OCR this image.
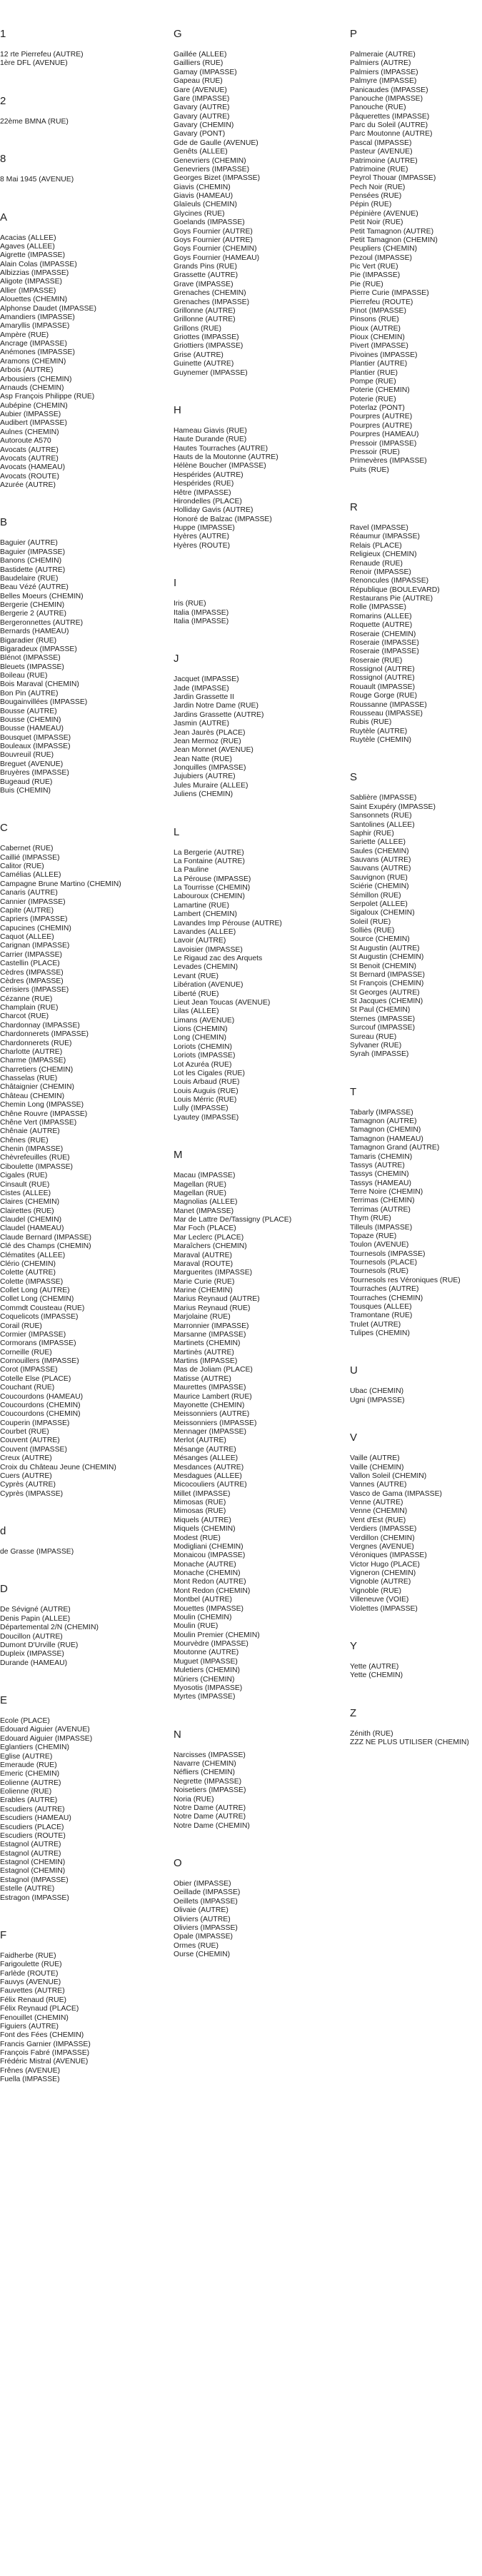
1
12 rte Pierrefeu (AUTRE)
1ère DFL (AVENUE)
2
22ème BMNA (RUE)
8
8 Mai 1945 (AVENUE)
A
Acacias (ALLEE)
Agaves (ALLEE)
Aigrette (IMPASSE)
Alain Colas (IMPASSE)
Albizzias (IMPASSE)
Aligote (IMPASSE)
Allier (IMPASSE)
Alouettes (CHEMIN)
Alphonse Daudet (IMPASSE)
Amandiers (IMPASSE)
Amaryllis (IMPASSE)
Ampère (RUE)
Ancrage (IMPASSE)
Anémones (IMPASSE)
Aramons (CHEMIN)
Arbois (AUTRE)
Arbousiers (CHEMIN)
Arnauds (CHEMIN)
Asp François Philippe (RUE)
Aubépine (CHEMIN)
Aubier (IMPASSE)
Audibert (IMPASSE)
Aulnes (CHEMIN)
Autoroute A570
Avocats (AUTRE)
Avocats (AUTRE)
Avocats (HAMEAU)
Avocats (ROUTE)
Azurée (AUTRE)
B
Baguier (AUTRE)
Baguier (IMPASSE)
Banons (CHEMIN)
Bastidette (AUTRE)
Baudelaire (RUE)
Beau Vézé (AUTRE)
Belles Moeurs (CHEMIN)
Bergerie (CHEMIN)
Bergerie 2 (AUTRE)
Bergeronnettes (AUTRE)
Bernards (HAMEAU)
Bigaradier (RUE)
Bigaradeux (IMPASSE)
Blénot (IMPASSE)
Bleuets (IMPASSE)
Boileau (RUE)
Bois Maraval (CHEMIN)
Bon Pin (AUTRE)
Bougainvillées (IMPASSE)
Bousse (AUTRE)
Bousse (CHEMIN)
Bousse (HAMEAU)
Bousquet (IMPASSE)
Bouleaux (IMPASSE)
Bouvreuil (RUE)
Breguet (AVENUE)
Bruyères (IMPASSE)
Bugeaud (RUE)
Buis (CHEMIN)
C
Cabernet (RUE)
Caillié (IMPASSE)
Calitor (RUE)
Camélias (ALLEE)
Campagne Brune Martino (CHEMIN)
Canaris (AUTRE)
Cannier (IMPASSE)
Capite (AUTRE)
Capriers (IMPASSE)
Capucines (CHEMIN)
Caquot (ALLEE)
Carignan (IMPASSE)
Carrier (IMPASSE)
Castellin (PLACE)
Cèdres (IMPASSE)
Cèdres (IMPASSE)
Cerisiers (IMPASSE)
Cézanne (RUE)
Champlain (RUE)
Charcot (RUE)
Chardonnay (IMPASSE)
Chardonnerets (IMPASSE)
Chardonnerets (RUE)
Charlotte (AUTRE)
Charme (IMPASSE)
Charretiers (CHEMIN)
Chasselas (RUE)
Châtaignier (CHEMIN)
Château (CHEMIN)
Chemin Long (IMPASSE)
Chêne Rouvre (IMPASSE)
Chêne Vert (IMPASSE)
Chênaie (AUTRE)
Chênes (RUE)
Chenin (IMPASSE)
Chèvrefeuilles (RUE)
Ciboulette (IMPASSE)
Cigales (RUE)
Cinsault (RUE)
Cistes (ALLEE)
Claires (CHEMIN)
Clairettes (RUE)
Claudel (CHEMIN)
Claudel (HAMEAU)
Claude Bernard (IMPASSE)
Clé des Champs (CHEMIN)
Clématites (ALLEE)
Clério (CHEMIN)
Colette (AUTRE)
Colette (IMPASSE)
Collet Long (AUTRE)
Collet Long (CHEMIN)
Commdt Cousteau (RUE)
Coquelicots (IMPASSE)
Corail (RUE)
Cormier (IMPASSE)
Cormorans (IMPASSE)
Corneille (RUE)
Cornouillers (IMPASSE)
Corot (IMPASSE)
Cotelle Else (PLACE)
Couchant (RUE)
Coucourdons (HAMEAU)
Coucourdons (CHEMIN)
Coucourdons (CHEMIN)
Couperin (IMPASSE)
Courbet (RUE)
Couvent (AUTRE)
Couvent (IMPASSE)
Creux (AUTRE)
Croix du Château Jeune (CHEMIN)
Cuers (AUTRE)
Cyprès (AUTRE)
Cyprès (IMPASSE)
d
de Grasse (IMPASSE)
D
De Sévigné (AUTRE)
Denis Papin (ALLEE)
Départemental 2/N (CHEMIN)
Doucillon (AUTRE)
Dumont D'Urville (RUE)
Dupleix (IMPASSE)
Durande (HAMEAU)
E
Ecole (PLACE)
Edouard Aiguier (AVENUE)
Edouard Aiguier (IMPASSE)
Eglantiers (CHEMIN)
Eglise (AUTRE)
Emeraude (RUE)
Emeric (CHEMIN)
Eolienne (AUTRE)
Eolienne (RUE)
Erables (AUTRE)
Escudiers (AUTRE)
Escudiers (HAMEAU)
Escudiers (PLACE)
Escudiers (ROUTE)
Estagnol (AUTRE)
Estagnol (AUTRE)
Estagnol (CHEMIN)
Estagnol (CHEMIN)
Estagnol (IMPASSE)
Estelle (AUTRE)
Estragon (IMPASSE)
F
Faidherbe (RUE)
Farigoulette (RUE)
Farlède (ROUTE)
Fauvys (AVENUE)
Fauvettes (AUTRE)
Félix Renaud (RUE)
Félix Reynaud (PLACE)
Fenouillet (CHEMIN)
Figuiers (AUTRE)
Font des Fées (CHEMIN)
Francis Garnier (IMPASSE)
François Fabré (IMPASSE)
Frédéric Mistral (AVENUE)
Frênes (AVENUE)
Fuella (IMPASSE)
G
Gaillée (ALLEE)
Gailliers (RUE)
Gamay (IMPASSE)
Gapeau (RUE)
Gare (AVENUE)
Gare (IMPASSE)
Gavary (AUTRE)
Gavary (AUTRE)
Gavary (CHEMIN)
Gavary (PONT)
Gde de Gaulle (AVENUE)
Genêts (ALLEE)
Genevriers (CHEMIN)
Genevriers (IMPASSE)
Georges Bizet (IMPASSE)
Giavis (CHEMIN)
Giavis (HAMEAU)
Glaïeuls (CHEMIN)
Glycines (RUE)
Goelands (IMPASSE)
Goys Fournier (AUTRE)
Goys Fournier (AUTRE)
Goys Fournier (CHEMIN)
Goys Fournier (HAMEAU)
Grands Pins (RUE)
Grassette (AUTRE)
Grave (IMPASSE)
Grenaches (CHEMIN)
Grenaches (IMPASSE)
Grillonne (AUTRE)
Grillonne (AUTRE)
Grillons (RUE)
Griottes (IMPASSE)
Griottiers (IMPASSE)
Grise (AUTRE)
Guinette (AUTRE)
Guynemer (IMPASSE)
H
Hameau Giavis (RUE)
Haute Durande (RUE)
Hautes Tourraches (AUTRE)
Hauts de la Moutonne (AUTRE)
Hélène Boucher (IMPASSE)
Hespérides (AUTRE)
Hespérides (RUE)
Hêtre (IMPASSE)
Hirondelles (PLACE)
Holliday Gavis (AUTRE)
Honoré de Balzac (IMPASSE)
Huppe (IMPASSE)
Hyères (AUTRE)
Hyères (ROUTE)
I
Iris (RUE)
Italia (IMPASSE)
Italia (IMPASSE)
J
Jacquet (IMPASSE)
Jade (IMPASSE)
Jardin Grassette II
Jardin Notre Dame (RUE)
Jardins Grassette (AUTRE)
Jasmin (AUTRE)
Jean Jaurès (PLACE)
Jean Mermoz (RUE)
Jean Monnet (AVENUE)
Jean Natte (RUE)
Jonquilles (IMPASSE)
Jujubiers (AUTRE)
Jules Muraire (ALLEE)
Juliens (CHEMIN)
L
La Bergerie (AUTRE)
La Fontaine (AUTRE)
La Pauline
La Pérouse (IMPASSE)
La Tourrisse (CHEMIN)
Labouroux (CHEMIN)
Lamartine (RUE)
Lambert (CHEMIN)
Lavandes Imp Pérouse (AUTRE)
Lavandes (ALLEE)
Lavoir (AUTRE)
Lavoisier (IMPASSE)
Le Rigaud zac des Arquets
Levades (CHEMIN)
Levant (RUE)
Libération (AVENUE)
Liberté (RUE)
Lieut Jean Toucas (AVENUE)
Lilas (ALLEE)
Limans (AVENUE)
Lions (CHEMIN)
Long (CHEMIN)
Loriots (CHEMIN)
Loriots (IMPASSE)
Lot Azuréa (RUE)
Lot les Cigales (RUE)
Louis Arbaud (RUE)
Louis Auguis (RUE)
Louis Mérric (RUE)
Lully (IMPASSE)
Lyautey (IMPASSE)
M
Macau (IMPASSE)
Magellan (RUE)
Magellan (RUE)
Magnolias (ALLEE)
Manet (IMPASSE)
Mar de Lattre De/Tassigny (PLACE)
Mar Foch (PLACE)
Mar Leclerc (PLACE)
Maraîchers (CHEMIN)
Maraval (AUTRE)
Maraval (ROUTE)
Marguerites (IMPASSE)
Marie Curie (RUE)
Marine (CHEMIN)
Marius Reynaud (AUTRE)
Marius Reynaud (RUE)
Marjolaine (RUE)
Marronnier (IMPASSE)
Marsanne (IMPASSE)
Martinets (CHEMIN)
Martinès (AUTRE)
Martins (IMPASSE)
Mas de Joliam (PLACE)
Matisse (AUTRE)
Maurettes (IMPASSE)
Maurice Lambert (RUE)
Mayonette (CHEMIN)
Meissonniers (AUTRE)
Meissonniers (IMPASSE)
Mennager (IMPASSE)
Merlot (AUTRE)
Mésange (AUTRE)
Mésanges (ALLEE)
Mesdances (AUTRE)
Mesdagues (ALLEE)
Micocouliers (AUTRE)
Millet (IMPASSE)
Mimosas (RUE)
Mimosas (RUE)
Miquels (AUTRE)
Miquels (CHEMIN)
Modest (RUE)
Modigliani (CHEMIN)
Monaicou (IMPASSE)
Monache (AUTRE)
Monache (CHEMIN)
Mont Redon (AUTRE)
Mont Redon (CHEMIN)
Montbel (AUTRE)
Mouettes (IMPASSE)
Moulin (CHEMIN)
Moulin (RUE)
Moulin Premier (CHEMIN)
Mourvèdre (IMPASSE)
Moutonne (AUTRE)
Muguet (IMPASSE)
Muletiers (CHEMIN)
Mûriers (CHEMIN)
Myosotis (IMPASSE)
Myrtes (IMPASSE)
N
Narcisses (IMPASSE)
Navarre (CHEMIN)
Néfliers (CHEMIN)
Negrette (IMPASSE)
Noisetiers (IMPASSE)
Noria (RUE)
Notre Dame (AUTRE)
Notre Dame (AUTRE)
Notre Dame (CHEMIN)
O
Obier (IMPASSE)
Oeillade (IMPASSE)
Oeillets (IMPASSE)
Olivaie (AUTRE)
Oliviers (AUTRE)
Oliviers (IMPASSE)
Opale (IMPASSE)
Ormes (RUE)
Ourse (CHEMIN)
P
Palmeraie (AUTRE)
Palmiers (AUTRE)
Palmiers (IMPASSE)
Palmyre (IMPASSE)
Panicaudes (IMPASSE)
Panouche (IMPASSE)
Panouche (RUE)
Pâquerettes (IMPASSE)
Parc du Soleil (AUTRE)
Parc Moutonne (AUTRE)
Pascal (IMPASSE)
Pasteur (AVENUE)
Patrimoine (AUTRE)
Patrimoine (RUE)
Peyrol Thouar (IMPASSE)
Pech Noir (RUE)
Pensées (RUE)
Pépin (RUE)
Pépinière (AVENUE)
Petit Noir (RUE)
Petit Tamagnon (AUTRE)
Petit Tamagnon (CHEMIN)
Peupliers (CHEMIN)
Pezoul (IMPASSE)
Pic Vert (RUE)
Pie (IMPASSE)
Pie (RUE)
Pierre Curie (IMPASSE)
Pierrefeu (ROUTE)
Pinot (IMPASSE)
Pinsons (RUE)
Pioux (AUTRE)
Pioux (CHEMIN)
Pivert (IMPASSE)
Pivoines (IMPASSE)
Plantier (AUTRE)
Plantier (RUE)
Pompe (RUE)
Poterie (CHEMIN)
Poterie (RUE)
Poterlaz (PONT)
Pourpres (AUTRE)
Pourpres (AUTRE)
Pourpres (HAMEAU)
Pressoir (IMPASSE)
Pressoir (RUE)
Primevères (IMPASSE)
Puits (RUE)
R
Ravel (IMPASSE)
Réaumur (IMPASSE)
Relais (PLACE)
Religieux (CHEMIN)
Renaude (RUE)
Renoir (IMPASSE)
Renoncules (IMPASSE)
République (BOULEVARD)
Restaurans Pie (AUTRE)
Rolle (IMPASSE)
Romarins (ALLEE)
Roquette (AUTRE)
Roseraie (CHEMIN)
Roseraie (IMPASSE)
Roseraie (IMPASSE)
Roseraie (RUE)
Rossignol (AUTRE)
Rossignol (AUTRE)
Rouault (IMPASSE)
Rouge Gorge (RUE)
Roussanne (IMPASSE)
Rousseau (IMPASSE)
Rubis (RUE)
Ruytèle (AUTRE)
Ruytèle (CHEMIN)
S
Sablière (IMPASSE)
Saint Exupéry (IMPASSE)
Sansonnets (RUE)
Santolines (ALLEE)
Saphir (RUE)
Sariette (ALLEE)
Saules (CHEMIN)
Sauvans (AUTRE)
Sauvans (AUTRE)
Sauvignon (RUE)
Sciérie (CHEMIN)
Sémillon (RUE)
Serpolet (ALLEE)
Sigaloux (CHEMIN)
Soleil (RUE)
Solliès (RUE)
Source (CHEMIN)
St Augustin (AUTRE)
St Augustin (CHEMIN)
St Benoit (CHEMIN)
St Bernard (IMPASSE)
St François (CHEMIN)
St Georges (AUTRE)
St Jacques (CHEMIN)
St Paul (CHEMIN)
Sternes (IMPASSE)
Surcouf (IMPASSE)
Sureau (RUE)
Sylvaner (RUE)
Syrah (IMPASSE)
T
Tabarly (IMPASSE)
Tamagnon (AUTRE)
Tamagnon (CHEMIN)
Tamagnon (HAMEAU)
Tamagnon Grand (AUTRE)
Tamaris (CHEMIN)
Tassys (AUTRE)
Tassys (CHEMIN)
Tassys (HAMEAU)
Terre Noire (CHEMIN)
Terrimas (CHEMIN)
Terrimas (AUTRE)
Thym (RUE)
Tilleuls (IMPASSE)
Topaze (RUE)
Toulon (AVENUE)
Tournesols (IMPASSE)
Tournesols (PLACE)
Tournesols (RUE)
Tournesols res Véroniques (RUE)
Tourraches (AUTRE)
Tourraches (CHEMIN)
Tousques (ALLEE)
Tramontane (RUE)
Trulet (AUTRE)
Tulipes (CHEMIN)
U
Ubac (CHEMIN)
Ugni (IMPASSE)
V
Vaille (AUTRE)
Vaille (CHEMIN)
Vallon Soleil (CHEMIN)
Vannes (AUTRE)
Vasco de Gama (IMPASSE)
Venne (AUTRE)
Venne (CHEMIN)
Vent d'Est (RUE)
Verdiers (IMPASSE)
Verdillon (CHEMIN)
Vergnes (AVENUE)
Véroniques (IMPASSE)
Victor Hugo (PLACE)
Vigneron (CHEMIN)
Vignoble (AUTRE)
Vignoble (RUE)
Villeneuve (VOIE)
Violettes (IMPASSE)
Y
Yette (AUTRE)
Yette (CHEMIN)
Z
Zénith (RUE)
ZZZ NE PLUS UTILISER (CHEMIN)
